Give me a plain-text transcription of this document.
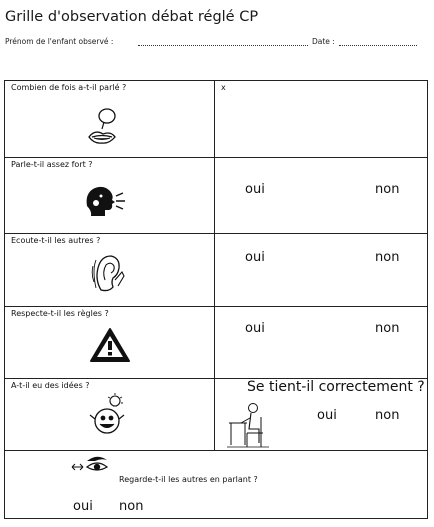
Grille d'observation débat réglé CP
Prénom de l'enfant observé :	Date :
Combien de fois a-t-il parlé ?	x
Parle-t-il assez fort ?
oui	non
Ecoute-t-il les autres ?
oui	non
Respecte-t-il les règles ?
oui	non
A-t-il eu des idées ?	Se tient-il correctement ?
oui	non
Regarde-t-il les autres en parlant ?
oui non
